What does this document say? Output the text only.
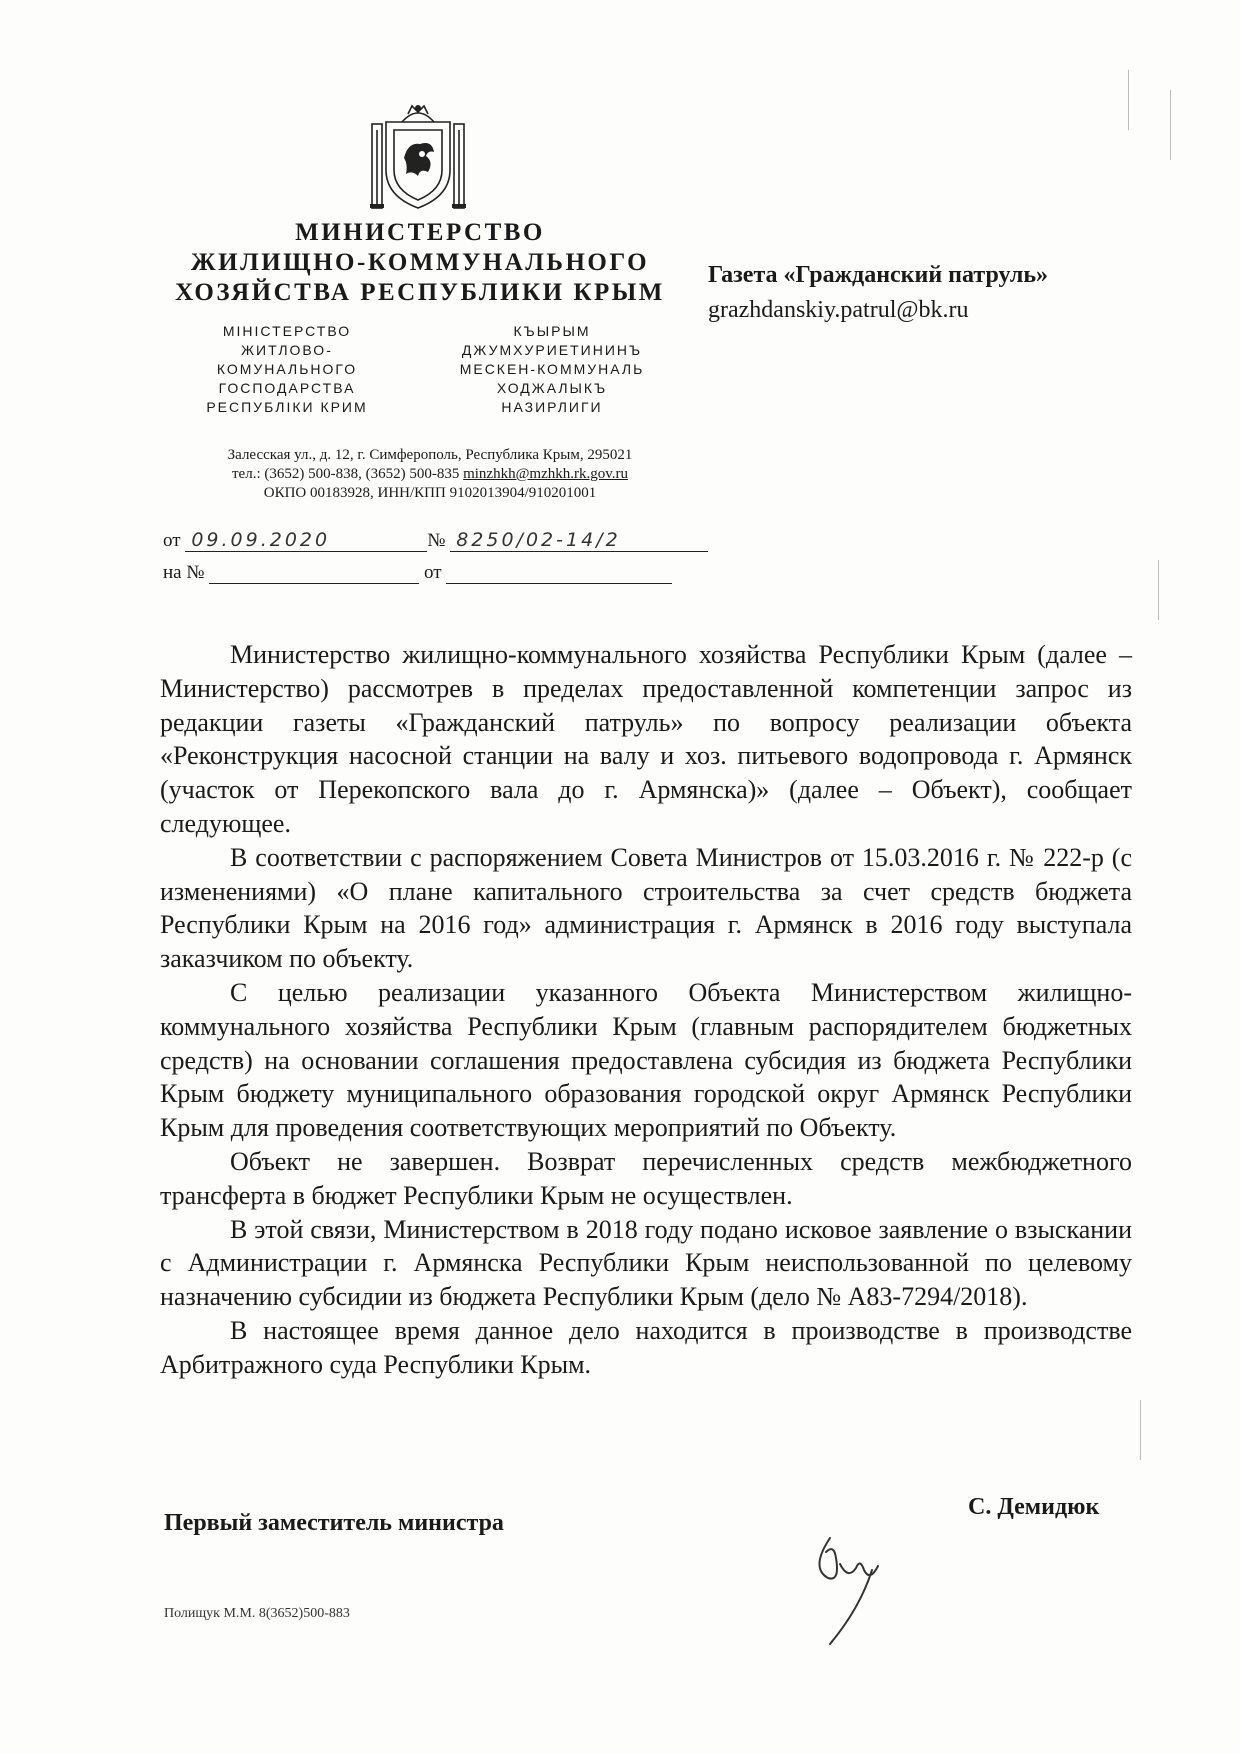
МИНИСТЕРСТВО
ЖИЛИЩНО-КОММУНАЛЬНОГО
ХОЗЯЙСТВА РЕСПУБЛИКИ КРЫМ
МІНІСТЕРСТВО
ЖИТЛОВО-
КОМУНАЛЬНОГО
ГОСПОДАРСТВА
РЕСПУБЛІКИ КРИМ
КЪЫРЫМ
ДЖУМХУРИЕТИНИНЪ
МЕСКЕН-КОММУНАЛЬ
ХОДЖАЛЫКЪ
НАЗИРЛИГИ
Залесская ул., д. 12, г. Симферополь, Республика Крым, 295021
тел.: (3652) 500-838, (3652) 500-835 minzhkh@mzhkh.rk.gov.ru
ОКПО 00183928, ИНН/КПП 9102013904/910201001
от 09.09.2020	№ 8250/02-14/2
на №	от
Газета «Гражданский патруль»
grazhdanskiy.patrul@bk.ru

Министерство жилищно-коммунального хозяйства Республики Крым (далее – Министерство) рассмотрев в пределах предоставленной компетенции запрос из редакции газеты «Гражданский патруль» по вопросу реализации объекта «Реконструкция насосной станции на валу и хоз. питьевого водопровода г. Армянск (участок от Перекопского вала до г. Армянска)» (далее – Объект), сообщает следующее.

В соответствии с распоряжением Совета Министров от 15.03.2016 г. № 222-р (с изменениями) «О плане капитального строительства за счет средств бюджета Республики Крым на 2016 год» администрация г. Армянск в 2016 году выступала заказчиком по объекту.

С целью реализации указанного Объекта Министерством жилищно-коммунального хозяйства Республики Крым (главным распорядителем бюджетных средств) на основании соглашения предоставлена субсидия из бюджета Республики Крым бюджету муниципального образования городской округ Армянск Республики Крым для проведения соответствующих мероприятий по Объекту.

Объект не завершен. Возврат перечисленных средств межбюджетного трансферта в бюджет Республики Крым не осуществлен.

В этой связи, Министерством в 2018 году подано исковое заявление о взыскании с Администрации г. Армянска Республики Крым неиспользованной по целевому назначению субсидии из бюджета Республики Крым (дело № А83-7294/2018).

В настоящее время данное дело находится в производстве в производстве Арбитражного суда Республики Крым.

Первый заместитель министра
С. Демидюк
Полищук М.М. 8(3652)500-883
